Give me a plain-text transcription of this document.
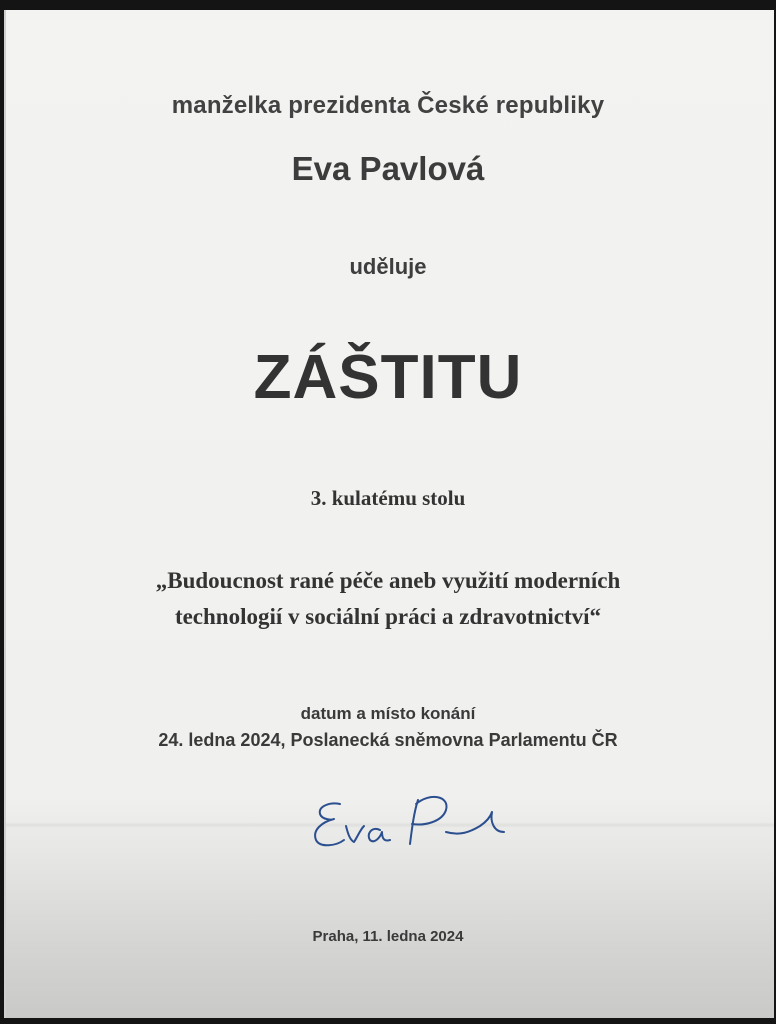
manželka prezidenta České republiky
Eva Pavlová
uděluje
ZÁŠTITU
3. kulatému stolu
„Budoucnost rané péče aneb využití moderních
technologií v sociální práci a zdravotnictví“
datum a místo konání
24. ledna 2024, Poslanecká sněmovna Parlamentu ČR
Praha, 11. ledna 2024
